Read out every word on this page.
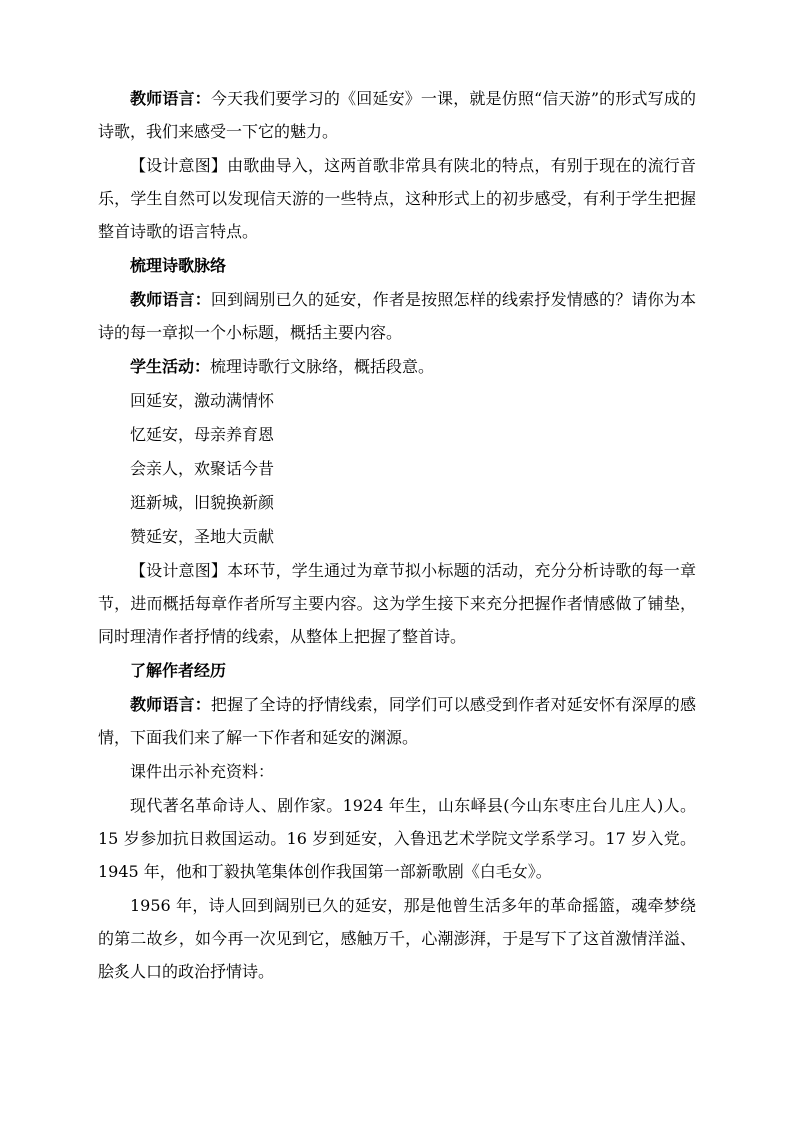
教师语言：今天我们要学习的《回延安》一课，就是仿照“信天游”的形式写成的诗歌，我们来感受一下它的魅力。

【设计意图】由歌曲导入，这两首歌非常具有陕北的特点，有别于现在的流行音乐，学生自然可以发现信天游的一些特点，这种形式上的初步感受，有利于学生把握整首诗歌的语言特点。

梳理诗歌脉络

教师语言：回到阔别已久的延安，作者是按照怎样的线索抒发情感的？请你为本诗的每一章拟一个小标题，概括主要内容。

学生活动：梳理诗歌行文脉络，概括段意。

回延安，激动满情怀

忆延安，母亲养育恩

会亲人，欢聚话今昔

逛新城，旧貌换新颜

赞延安，圣地大贡献

【设计意图】本环节，学生通过为章节拟小标题的活动，充分分析诗歌的每一章节，进而概括每章作者所写主要内容。这为学生接下来充分把握作者情感做了铺垫，同时理清作者抒情的线索，从整体上把握了整首诗。

了解作者经历

教师语言：把握了全诗的抒情线索，同学们可以感受到作者对延安怀有深厚的感情，下面我们来了解一下作者和延安的渊源。

课件出示补充资料：

现代著名革命诗人、剧作家。1924 年生，山东峄县(今山东枣庄台儿庄人)人。15 岁参加抗日救国运动。16 岁到延安，入鲁迅艺术学院文学系学习。17 岁入党。1945 年，他和丁毅执笔集体创作我国第一部新歌剧《白毛女》。

1956 年，诗人回到阔别已久的延安，那是他曾生活多年的革命摇篮，魂牵梦绕的第二故乡，如今再一次见到它，感触万千，心潮澎湃，于是写下了这首激情洋溢、脍炙人口的政治抒情诗。
